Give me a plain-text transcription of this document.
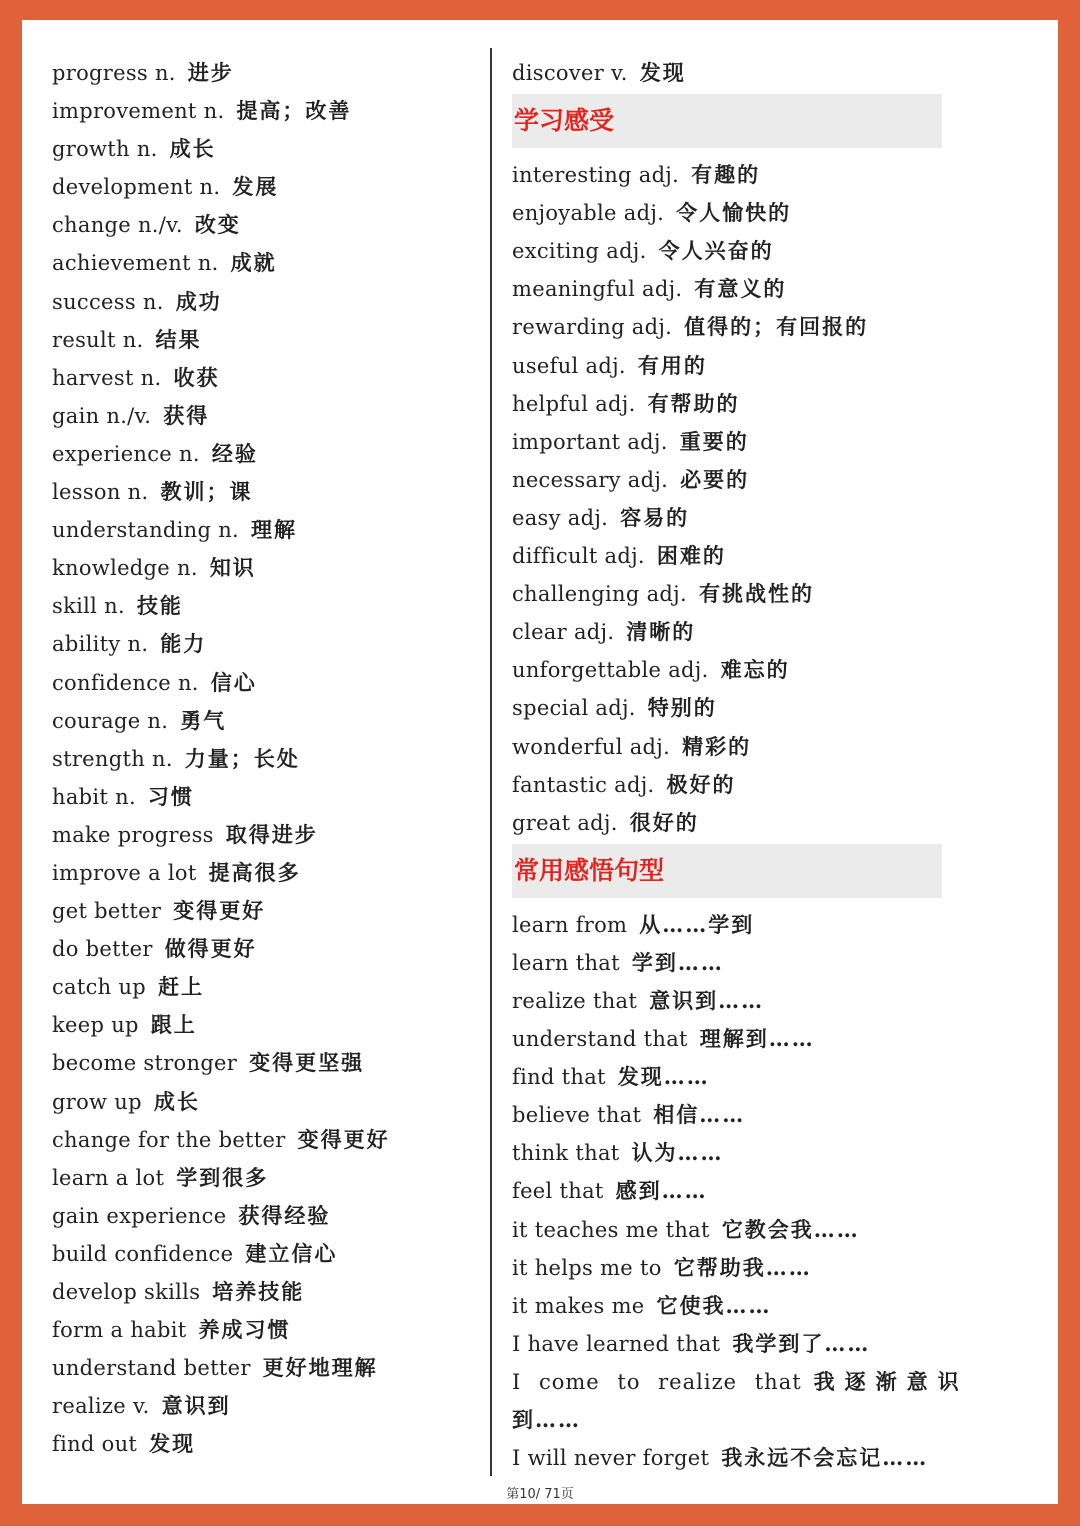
progress n. 进步
improvement n. 提高；改善
growth n. 成长
development n. 发展
change n./v. 改变
achievement n. 成就
success n. 成功
result n. 结果
harvest n. 收获
gain n./v. 获得
experience n. 经验
lesson n. 教训；课
understanding n. 理解
knowledge n. 知识
skill n. 技能
ability n. 能力
confidence n. 信心
courage n. 勇气
strength n. 力量；长处
habit n. 习惯
make progress 取得进步
improve a lot 提高很多
get better 变得更好
do better 做得更好
catch up 赶上
keep up 跟上
become stronger 变得更坚强
grow up 成长
change for the better 变得更好
learn a lot 学到很多
gain experience 获得经验
build confidence 建立信心
develop skills 培养技能
form a habit 养成习惯
understand better 更好地理解
realize v. 意识到
find out 发现
discover v. 发现
学习感受
interesting adj. 有趣的
enjoyable adj. 令人愉快的
exciting adj. 令人兴奋的
meaningful adj. 有意义的
rewarding adj. 值得的；有回报的
useful adj. 有用的
helpful adj. 有帮助的
important adj. 重要的
necessary adj. 必要的
easy adj. 容易的
difficult adj. 困难的
challenging adj. 有挑战性的
clear adj. 清晰的
unforgettable adj. 难忘的
special adj. 特别的
wonderful adj. 精彩的
fantastic adj. 极好的
great adj. 很好的
常用感悟句型
learn from 从……学到
learn that 学到……
realize that 意识到……
understand that 理解到……
find that 发现……
believe that 相信……
think that 认为……
feel that 感到……
it teaches me that 它教会我……
it helps me to 它帮助我……
it makes me 它使我……
I have learned that 我学到了……
I come to realize that 我逐渐意识
到……
I will never forget 我永远不会忘记……
第10/ 71页
